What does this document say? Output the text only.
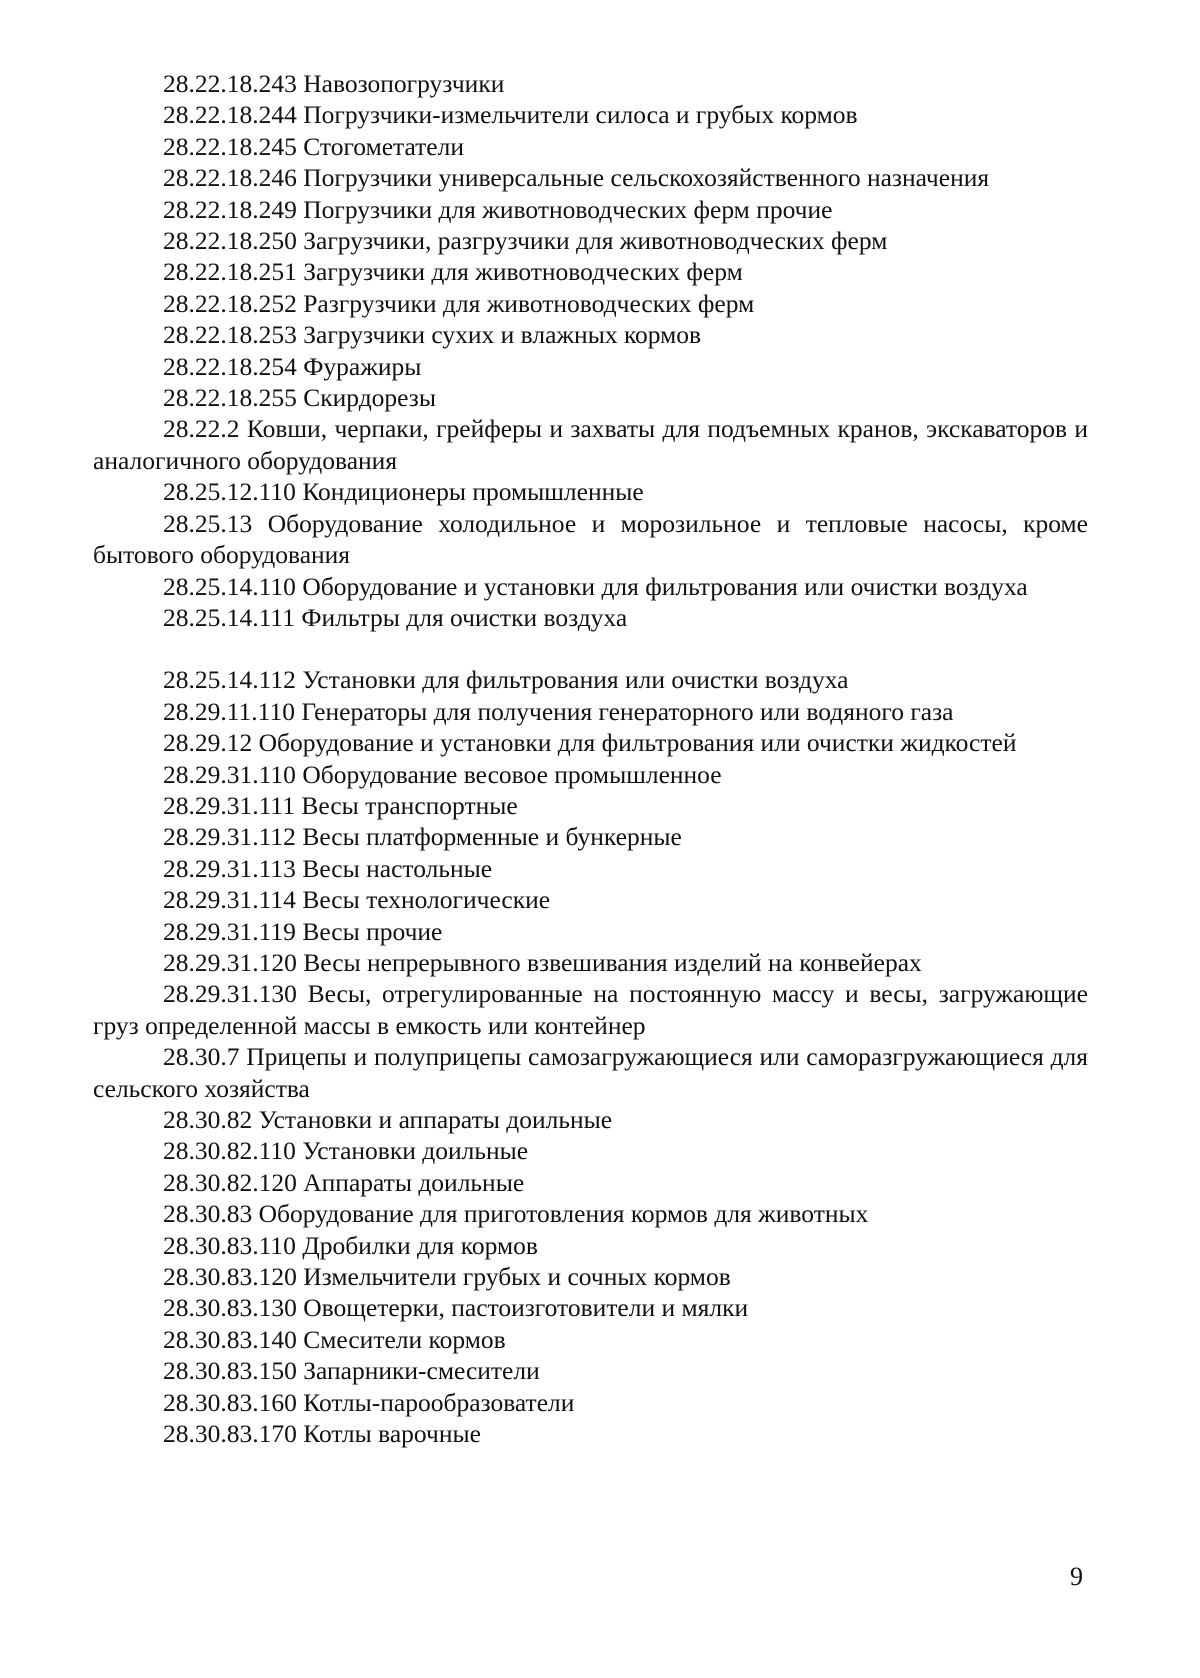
28.22.18.243 Навозопогрузчики

28.22.18.244 Погрузчики-измельчители силоса и грубых кормов

28.22.18.245 Стогометатели

28.22.18.246 Погрузчики универсальные сельскохозяйственного назначения

28.22.18.249 Погрузчики для животноводческих ферм прочие

28.22.18.250 Загрузчики, разгрузчики для животноводческих ферм

28.22.18.251 Загрузчики для животноводческих ферм

28.22.18.252 Разгрузчики для животноводческих ферм

28.22.18.253 Загрузчики сухих и влажных кормов

28.22.18.254 Фуражиры

28.22.18.255 Скирдорезы

28.22.2 Ковши, черпаки, грейферы и захваты для подъемных кранов, экскаваторов и аналогичного оборудования

28.25.12.110 Кондиционеры промышленные

28.25.13 Оборудование холодильное и морозильное и тепловые насосы, кроме бытового оборудования

28.25.14.110 Оборудование и установки для фильтрования или очистки воздуха

28.25.14.111 Фильтры для очистки воздуха

28.25.14.112 Установки для фильтрования или очистки воздуха

28.29.11.110 Генераторы для получения генераторного или водяного газа

28.29.12 Оборудование и установки для фильтрования или очистки жидкостей

28.29.31.110 Оборудование весовое промышленное

28.29.31.111 Весы транспортные

28.29.31.112 Весы платформенные и бункерные

28.29.31.113 Весы настольные

28.29.31.114 Весы технологические

28.29.31.119 Весы прочие

28.29.31.120 Весы непрерывного взвешивания изделий на конвейерах

28.29.31.130 Весы, отрегулированные на постоянную массу и весы, загружающие груз определенной массы в емкость или контейнер

28.30.7 Прицепы и полуприцепы самозагружающиеся или саморазгружающиеся для сельского хозяйства

28.30.82 Установки и аппараты доильные

28.30.82.110 Установки доильные

28.30.82.120 Аппараты доильные

28.30.83 Оборудование для приготовления кормов для животных

28.30.83.110 Дробилки для кормов

28.30.83.120 Измельчители грубых и сочных кормов

28.30.83.130 Овощетерки, пастоизготовители и мялки

28.30.83.140 Смесители кормов

28.30.83.150 Запарники-смесители

28.30.83.160 Котлы-парообразователи

28.30.83.170 Котлы варочные

9
